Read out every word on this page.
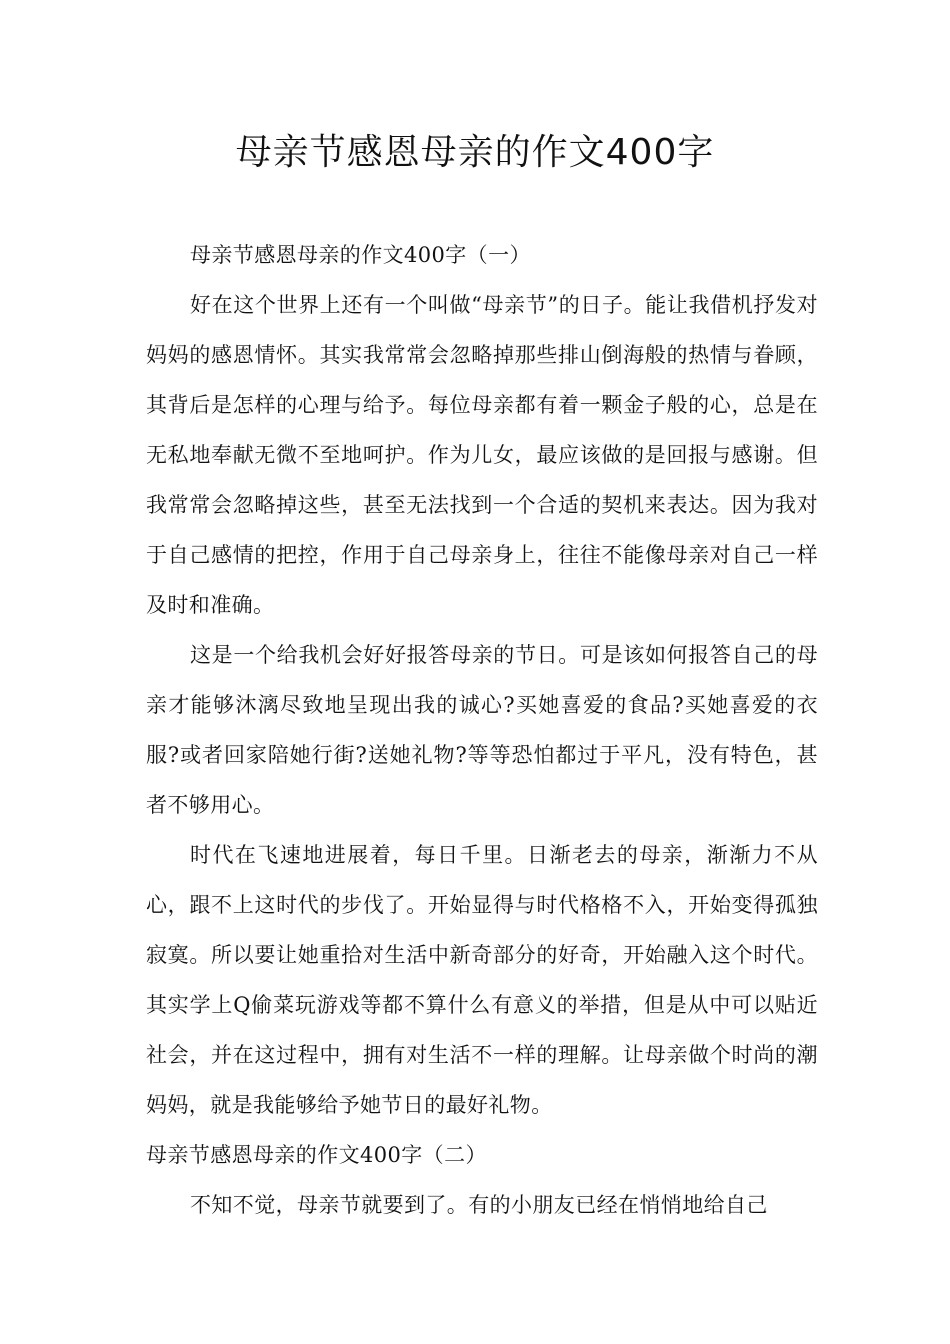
母亲节感恩母亲的作文400字

母亲节感恩母亲的作文400字（一）

好在这个世界上还有一个叫做“母亲节”的日子。能让我借机抒发对妈妈的感恩情怀。其实我常常会忽略掉那些排山倒海般的热情与眷顾，其背后是怎样的心理与给予。每位母亲都有着一颗金子般的心，总是在无私地奉献无微不至地呵护。作为儿女，最应该做的是回报与感谢。但我常常会忽略掉这些，甚至无法找到一个合适的契机来表达。因为我对于自己感情的把控，作用于自己母亲身上，往往不能像母亲对自己一样及时和准确。

这是一个给我机会好好报答母亲的节日。可是该如何报答自己的母亲才能够沐漓尽致地呈现出我的诚心?买她喜爱的食品?买她喜爱的衣服?或者回家陪她行街?送她礼物?等等恐怕都过于平凡，没有特色，甚者不够用心。

时代在飞速地进展着，每日千里。日渐老去的母亲，渐渐力不从心，跟不上这时代的步伐了。开始显得与时代格格不入，开始变得孤独寂寞。所以要让她重拾对生活中新奇部分的好奇，开始融入这个时代。其实学上Q偷菜玩游戏等都不算什么有意义的举措，但是从中可以贴近社会，并在这过程中，拥有对生活不一样的理解。让母亲做个时尚的潮妈妈，就是我能够给予她节日的最好礼物。

母亲节感恩母亲的作文400字（二）

不知不觉，母亲节就要到了。有的小朋友已经在悄悄地给自己
